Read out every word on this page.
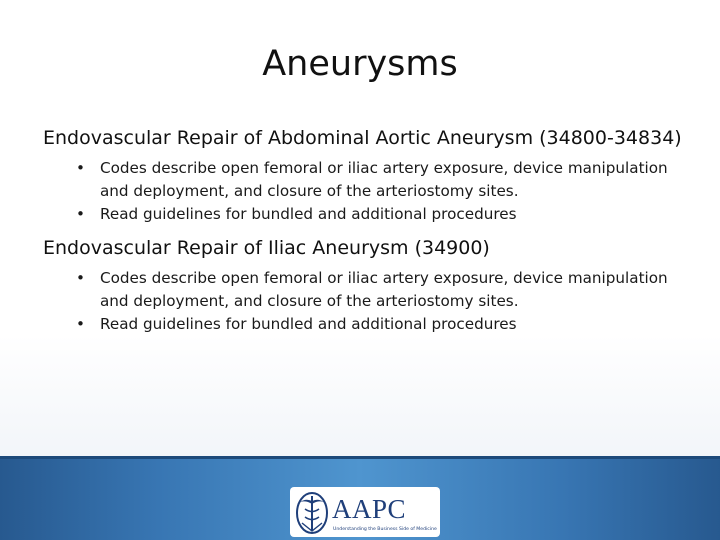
Aneurysms

Endovascular Repair of Abdominal Aortic Aneurysm (34800-34834)

• Codes describe open femoral or iliac artery exposure, device manipulation and deployment, and closure of the arteriostomy sites.
• Read guidelines for bundled and additional procedures

Endovascular Repair of Iliac Aneurysm (34900)

• Codes describe open femoral or iliac artery exposure, device manipulation and deployment, and closure of the arteriostomy sites.
• Read guidelines for bundled and additional procedures
AAPC
Understanding the Business Side of Medicine
